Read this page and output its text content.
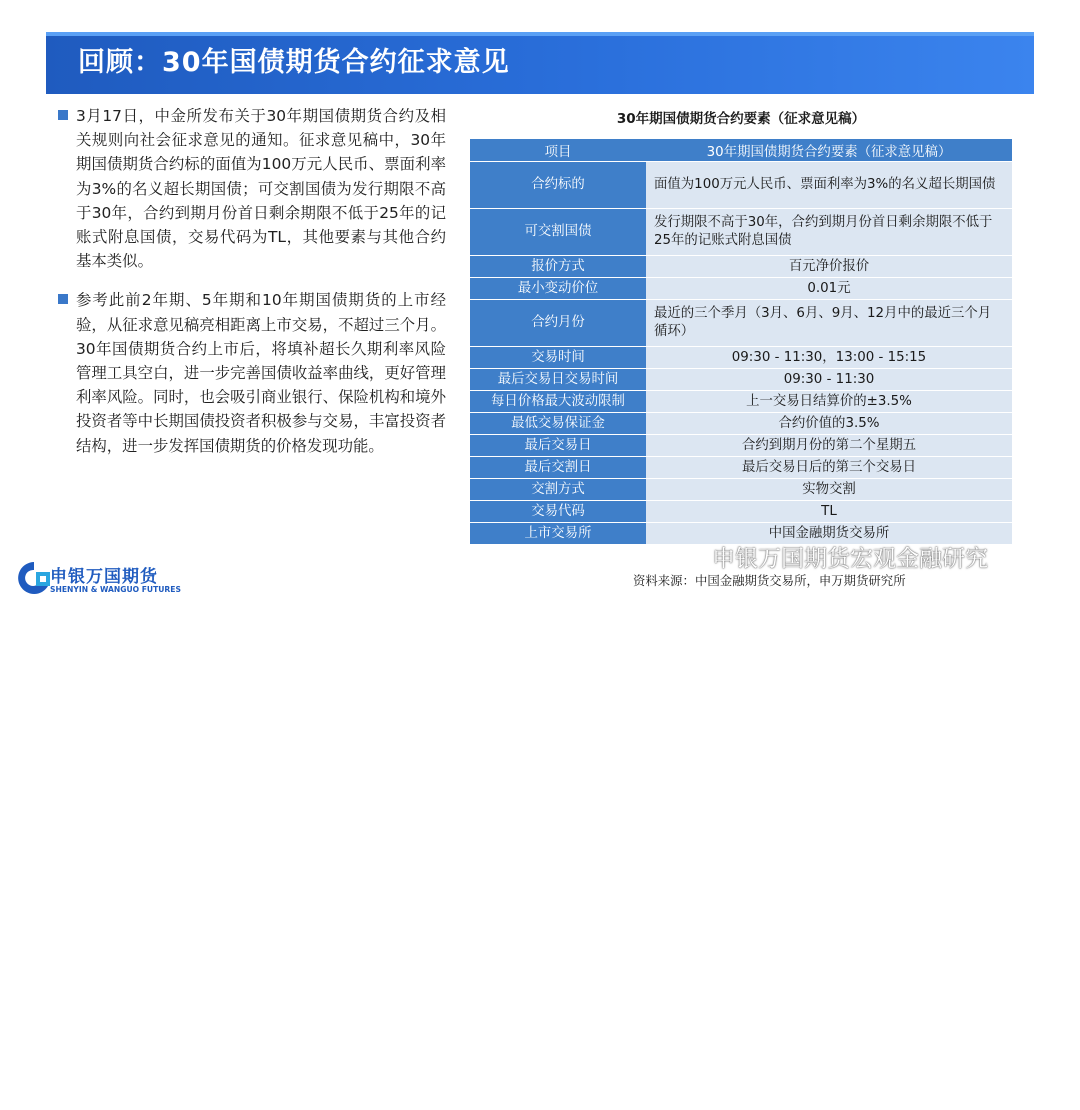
回顾：30年国债期货合约征求意见
3月17日，中金所发布关于30年期国债期货合约及相关规则向社会征求意见的通知。征求意见稿中，30年期国债期货合约标的面值为100万元人民币、票面利率为3%的名义超长期国债；可交割国债为发行期限不高于30年，合约到期月份首日剩余期限不低于25年的记账式附息国债，交易代码为TL，其他要素与其他合约基本类似。
参考此前2年期、5年期和10年期国债期货的上市经验，从征求意见稿亮相距离上市交易，不超过三个月。30年国债期货合约上市后，将填补超长久期利率风险管理工具空白，进一步完善国债收益率曲线，更好管理利率风险。同时，也会吸引商业银行、保险机构和境外投资者等中长期国债投资者积极参与交易，丰富投资者结构，进一步发挥国债期货的价格发现功能。
30年期国债期货合约要素（征求意见稿）
项目	30年期国债期货合约要素（征求意见稿）
合约标的	面值为100万元人民币、票面利率为3%的名义超长期国债
可交割国债	发行期限不高于30年，合约到期月份首日剩余期限不低于25年的记账式附息国债
报价方式	百元净价报价
最小变动价位	0.01元
合约月份	最近的三个季月（3月、6月、9月、12月中的最近三个月循环）
交易时间	09:30 - 11:30，13:00 - 15:15
最后交易日交易时间	09:30 - 11:30
每日价格最大波动限制	上一交易日结算价的±3.5%
最低交易保证金	合约价值的3.5%
最后交易日	合约到期月份的第二个星期五
最后交割日	最后交易日后的第三个交易日
交割方式	实物交割
交易代码	TL
上市交易所	中国金融期货交易所
申银万国期货宏观金融研究
资料来源：中国金融期货交易所，申万期货研究所
申银万国期货
SHENYIN & WANGUO FUTURES
